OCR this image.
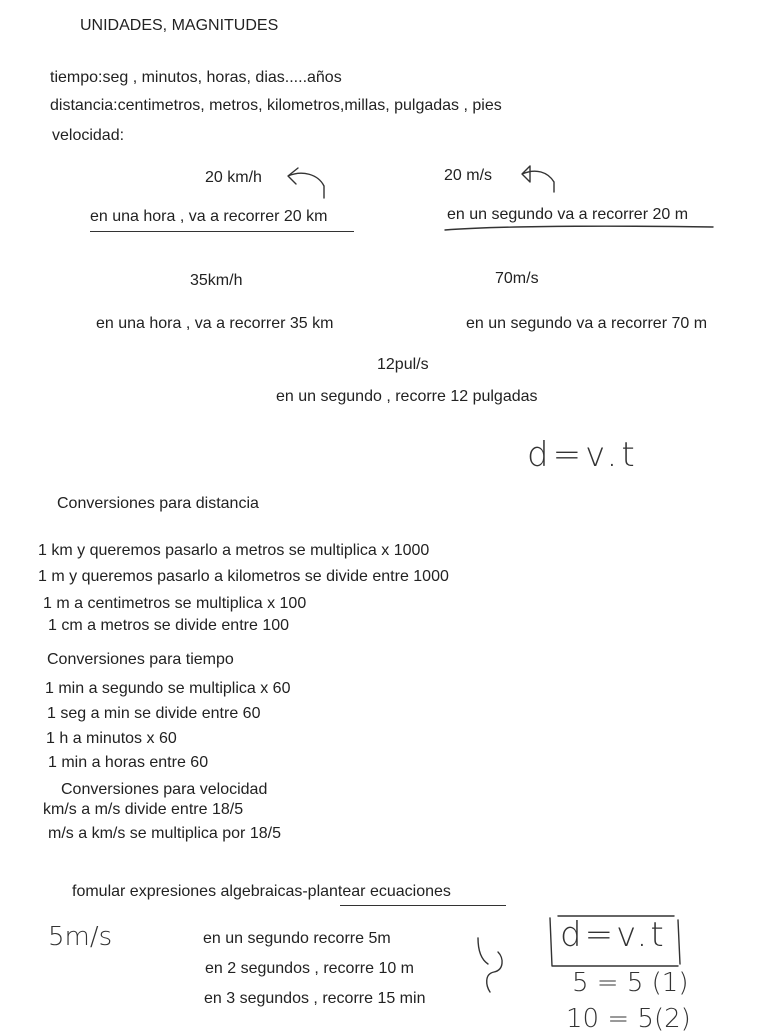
UNIDADES, MAGNITUDES
tiempo:seg , minutos, horas, dias.....años
distancia:centimetros, metros, kilometros,millas, pulgadas , pies
velocidad:
20 km/h
en una hora , va a recorrer 20 km
20 m/s
en un segundo va a recorrer 20 m
35km/h	70m/s
en una hora , va a recorrer 35 km	en un segundo va a recorrer 70 m
12pul/s
en un segundo , recorre 12 pulgadas
d=v.t
Conversiones para distancia
1 km y queremos pasarlo a metros se multiplica x 1000
1 m y queremos pasarlo a kilometros se divide entre 1000
1 m a centimetros se multiplica x 100
1 cm a metros se divide entre 100
Conversiones para tiempo
1 min a segundo se multiplica x 60
1 seg a min se divide entre 60
1 h a minutos x 60
1 min a horas entre 60
Conversiones para velocidad
km/s a m/s divide entre 18/5
m/s a km/s se multiplica por 18/5
fomular expresiones algebraicas-plantear ecuaciones
5m/s	en un segundo recorre 5m
en 2 segundos , recorre 10 m
en 3 segundos , recorre 15 min
d=v.t
5 = 5 (1)
10 = 5(2)
